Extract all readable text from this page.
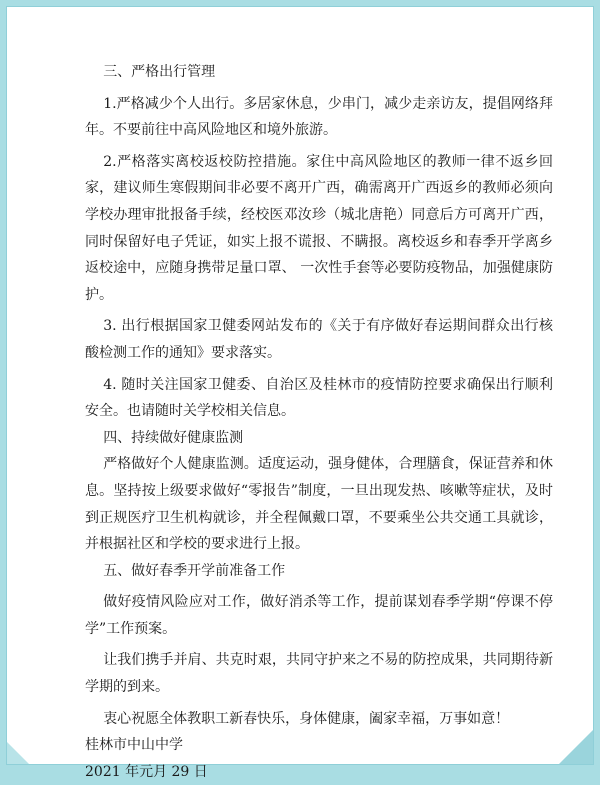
三、严格出行管理

1.严格减少个人出行。多居家休息，少串门，减少走亲访友，提倡网络拜年。不要前往中高风险地区和境外旅游。

2.严格落实离校返校防控措施。家住中高风险地区的教师一律不返乡回家，建议师生寒假期间非必要不离开广西，确需离开广西返乡的教师必须向学校办理审批报备手续，经校医邓汝珍（城北唐艳）同意后方可离开广西，同时保留好电子凭证，如实上报不谎报、不瞒报。离校返乡和春季开学离乡返校途中，应随身携带足量口罩、 一次性手套等必要防疫物品，加强健康防护。

3. 出行根据国家卫健委网站发布的《关于有序做好春运期间群众出行核酸检测工作的通知》要求落实。

4. 随时关注国家卫健委、自治区及桂林市的疫情防控要求确保出行顺利安全。也请随时关学校相关信息。

四、持续做好健康监测

严格做好个人健康监测。适度运动，强身健体，合理膳食，保证营养和休息。坚持按上级要求做好“零报告”制度，一旦出现发热、咳嗽等症状，及时到正规医疗卫生机构就诊，并全程佩戴口罩，不要乘坐公共交通工具就诊，并根据社区和学校的要求进行上报。

五、做好春季开学前准备工作

做好疫情风险应对工作，做好消杀等工作，提前谋划春季学期“停课不停学”工作预案。

让我们携手并肩、共克时艰，共同守护来之不易的防控成果，共同期待新学期的到来。

衷心祝愿全体教职工新春快乐，身体健康，阖家幸福，万事如意！

桂林市中山中学

2021 年元月 29 日
